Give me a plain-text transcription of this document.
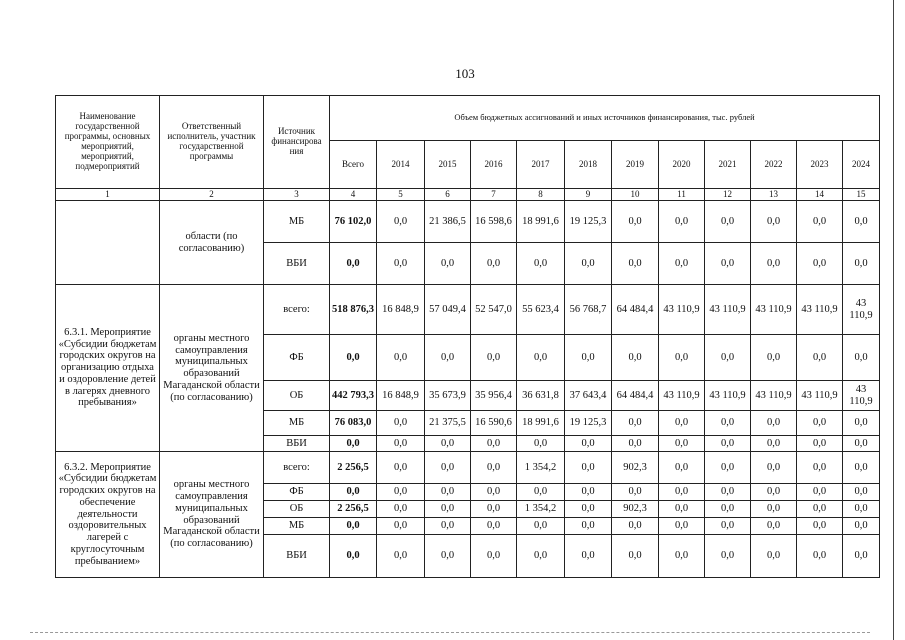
103
Наименование государственной программы, основных мероприятий, мероприятий, подмероприятий	Ответственный исполнитель, участник государственной программы	Источник финансирова ния	Объем бюджетных ассигнований и иных источников финансирования, тыс. рублей											
			Всего	2014	2015	2016	2017	2018	2019	2020	2021	2022	2023	2024
1	2	3	4	5	6	7	8	9	10	11	12	13	14	15
	области (по согласованию)	МБ	76 102,0	0,0	21 386,5	16 598,6	18 991,6	19 125,3	0,0	0,0	0,0	0,0	0,0	0,0
		ВБИ	0,0	0,0	0,0	0,0	0,0	0,0	0,0	0,0	0,0	0,0	0,0	0,0
6.3.1. Мероприятие «Субсидии бюджетам городских округов на организацию отдыха и оздоровление детей в лагерях дневного пребывания»	органы местного самоуправления муниципальных образований Магаданской области (по согласованию)	всего:	518 876,3	16 848,9	57 049,4	52 547,0	55 623,4	56 768,7	64 484,4	43 110,9	43 110,9	43 110,9	43 110,9	43 110,9
		ФБ	0,0	0,0	0,0	0,0	0,0	0,0	0,0	0,0	0,0	0,0	0,0	0,0
		ОБ	442 793,3	16 848,9	35 673,9	35 956,4	36 631,8	37 643,4	64 484,4	43 110,9	43 110,9	43 110,9	43 110,9	43 110,9
		МБ	76 083,0	0,0	21 375,5	16 590,6	18 991,6	19 125,3	0,0	0,0	0,0	0,0	0,0	0,0
		ВБИ	0,0	0,0	0,0	0,0	0,0	0,0	0,0	0,0	0,0	0,0	0,0	0,0
6.3.2. Мероприятие «Субсидии бюджетам городских округов на обеспечение деятельности оздоровительных лагерей с круглосуточным пребыванием»	органы местного самоуправления муниципальных образований Магаданской области (по согласованию)	всего:	2 256,5	0,0	0,0	0,0	1 354,2	0,0	902,3	0,0	0,0	0,0	0,0	0,0
		ФБ	0,0	0,0	0,0	0,0	0,0	0,0	0,0	0,0	0,0	0,0	0,0	0,0
		ОБ	2 256,5	0,0	0,0	0,0	1 354,2	0,0	902,3	0,0	0,0	0,0	0,0	0,0
		МБ	0,0	0,0	0,0	0,0	0,0	0,0	0,0	0,0	0,0	0,0	0,0	0,0
		ВБИ	0,0	0,0	0,0	0,0	0,0	0,0	0,0	0,0	0,0	0,0	0,0	0,0
